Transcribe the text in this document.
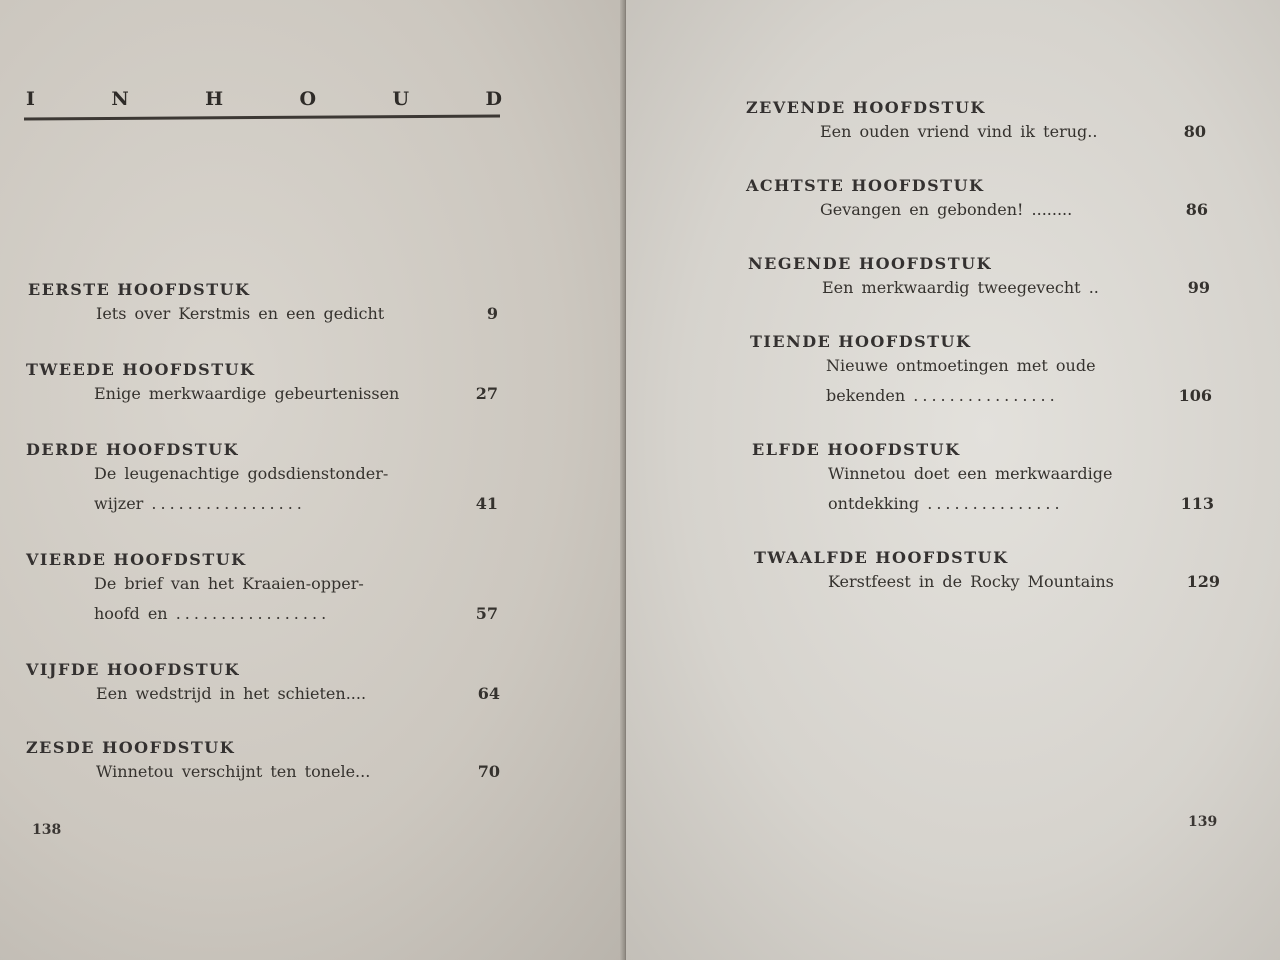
I	N	H	O	U	D
EERSTE HOOFDSTUK
Iets over Kerstmis en een gedicht	9
TWEEDE HOOFDSTUK
Enige merkwaardige gebeurtenissen	27
DERDE HOOFDSTUK
De leugenachtige godsdienstonder-
wijzer .................	41
VIERDE HOOFDSTUK
De brief van het Kraaien-opper-
hoofd en .................	57
VIJFDE HOOFDSTUK
Een wedstrijd in het schieten....	64
ZESDE HOOFDSTUK
Winnetou verschijnt ten tonele...	70
138
ZEVENDE HOOFDSTUK
Een ouden vriend vind ik terug..	80
ACHTSTE HOOFDSTUK
Gevangen en gebonden! ........	86
NEGENDE HOOFDSTUK
Een merkwaardig tweegevecht ..	99
TIENDE HOOFDSTUK
Nieuwe ontmoetingen met oude
bekenden ................	106
ELFDE HOOFDSTUK
Winnetou doet een merkwaardige
ontdekking ...............	113
TWAALFDE HOOFDSTUK
Kerstfeest in de Rocky Mountains	129
139
